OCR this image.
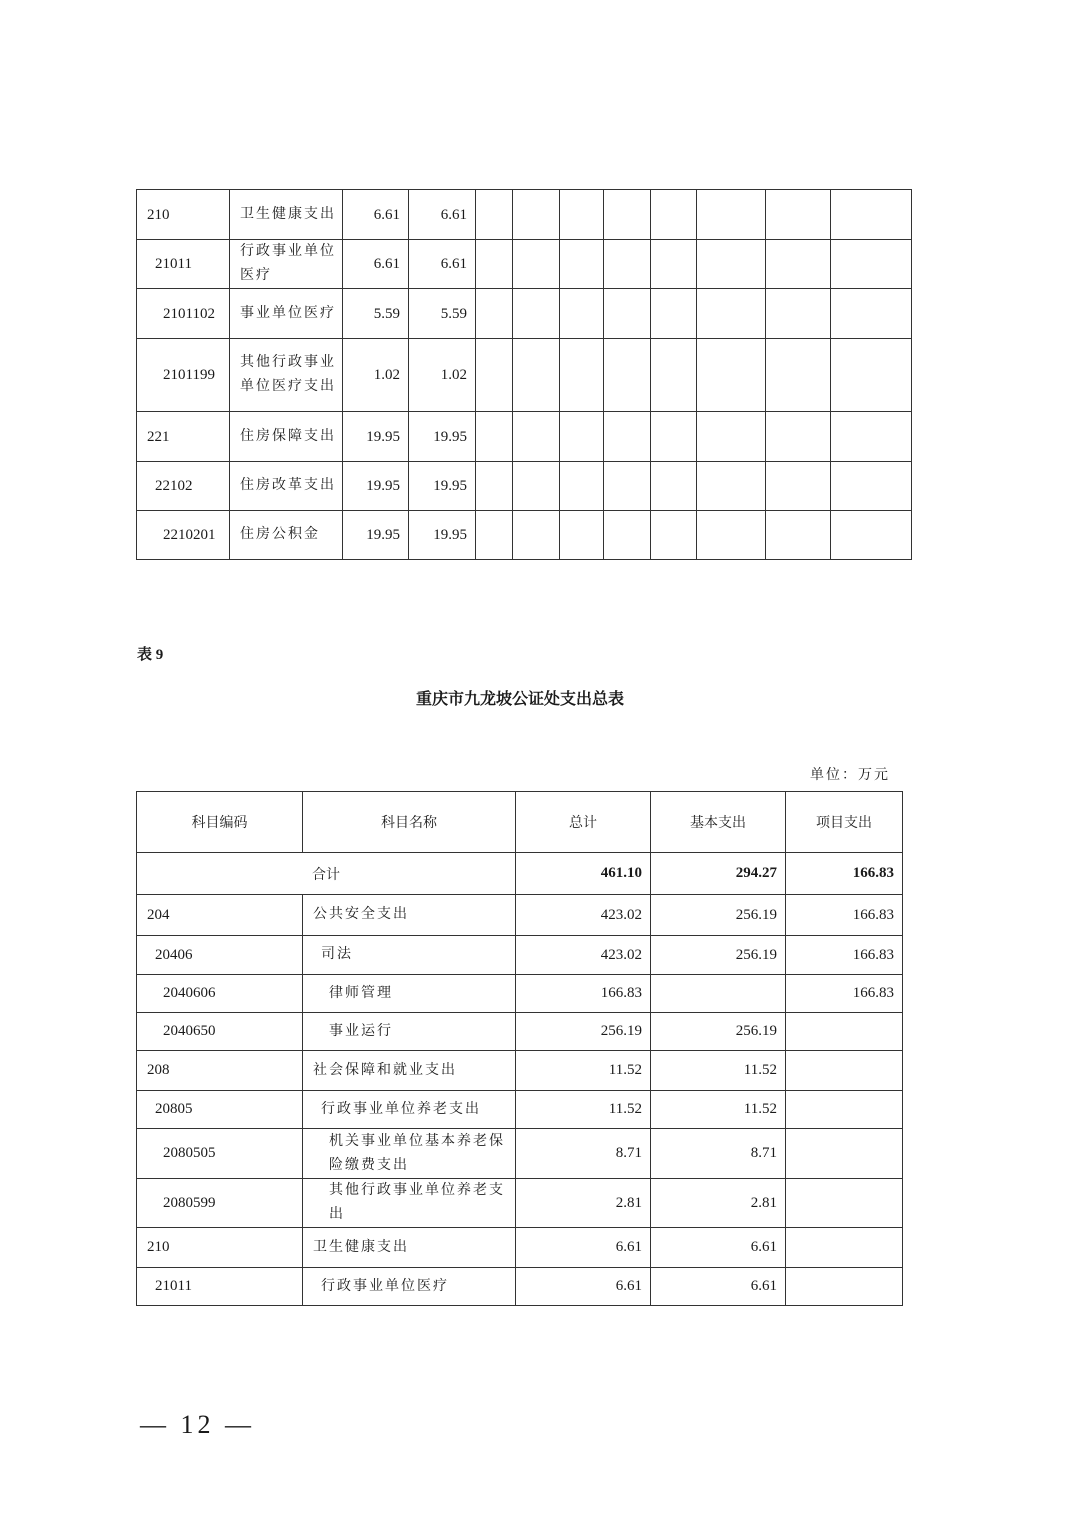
210	卫生健康支出	6.61	6.61								
21011	行政事业单位医疗	6.61	6.61								
2101102	事业单位医疗	5.59	5.59								
2101199	其他行政事业单位医疗支出	1.02	1.02								
221	住房保障支出	19.95	19.95								
22102	住房改革支出	19.95	19.95								
2210201	住房公积金	19.95	19.95								
表 9
重庆市九龙坡公证处支出总表
单位：万元
科目编码	科目名称	总计	基本支出	项目支出
合计		461.10	294.27	166.83
204	公共安全支出	423.02	256.19	166.83
20406	司法	423.02	256.19	166.83
2040606	律师管理	166.83		166.83
2040650	事业运行	256.19	256.19	
208	社会保障和就业支出	11.52	11.52	
20805	行政事业单位养老支出	11.52	11.52	
2080505	机关事业单位基本养老保险缴费支出	8.71	8.71	
2080599	其他行政事业单位养老支出	2.81	2.81	
210	卫生健康支出	6.61	6.61	
21011	行政事业单位医疗	6.61	6.61	
— 12 —
